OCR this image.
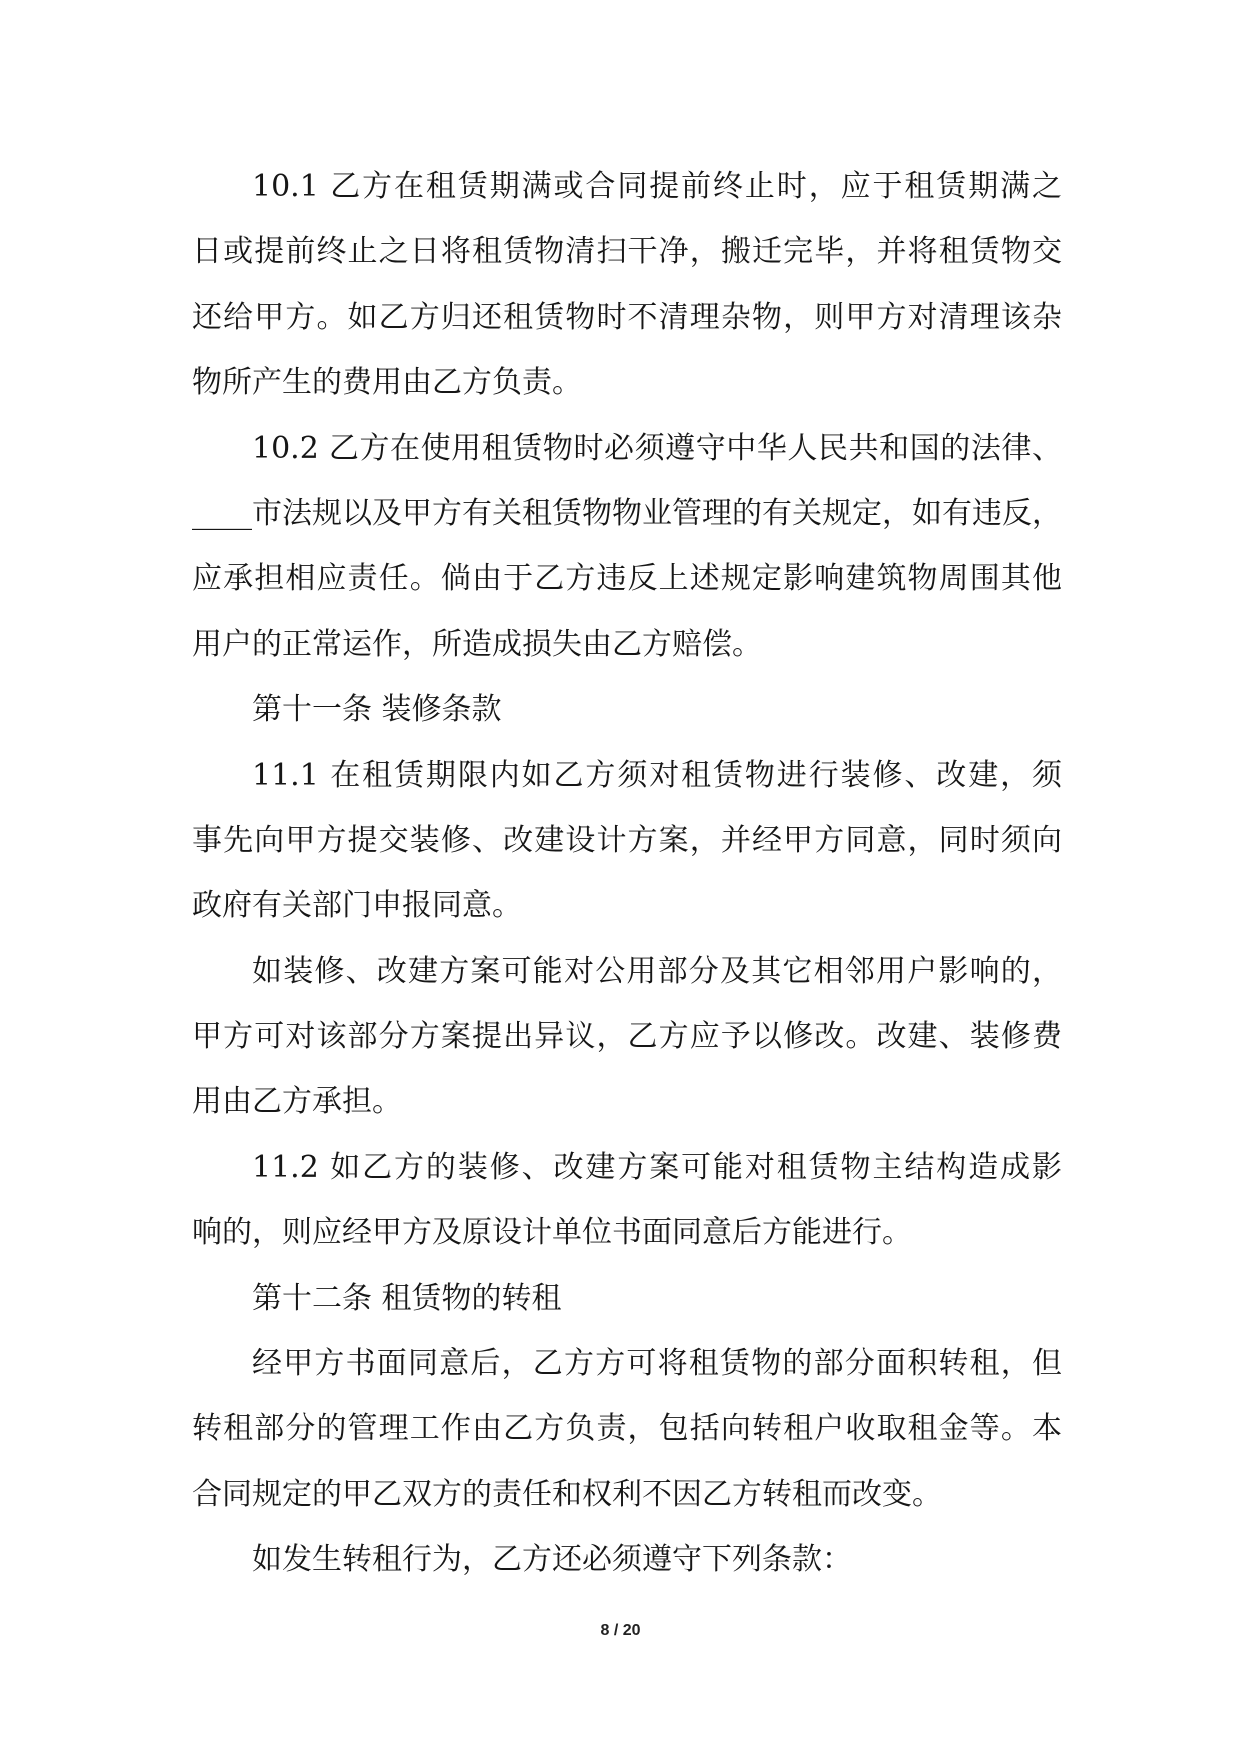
10.1 乙方在租赁期满或合同提前终止时，应于租赁期满之
日或提前终止之日将租赁物清扫干净，搬迁完毕，并将租赁物交
还给甲方。如乙方归还租赁物时不清理杂物，则甲方对清理该杂
物所产生的费用由乙方负责。
10.2 乙方在使用租赁物时必须遵守中华人民共和国的法律、
____市法规以及甲方有关租赁物物业管理的有关规定，如有违反，
应承担相应责任。倘由于乙方违反上述规定影响建筑物周围其他
用户的正常运作，所造成损失由乙方赔偿。
第十一条 装修条款
11.1 在租赁期限内如乙方须对租赁物进行装修、改建，须
事先向甲方提交装修、改建设计方案，并经甲方同意，同时须向
政府有关部门申报同意。
如装修、改建方案可能对公用部分及其它相邻用户影响的，
甲方可对该部分方案提出异议，乙方应予以修改。改建、装修费
用由乙方承担。
11.2 如乙方的装修、改建方案可能对租赁物主结构造成影
响的，则应经甲方及原设计单位书面同意后方能进行。
第十二条 租赁物的转租
经甲方书面同意后，乙方方可将租赁物的部分面积转租，但
转租部分的管理工作由乙方负责，包括向转租户收取租金等。本
合同规定的甲乙双方的责任和权利不因乙方转租而改变。
如发生转租行为，乙方还必须遵守下列条款：
8 / 20
